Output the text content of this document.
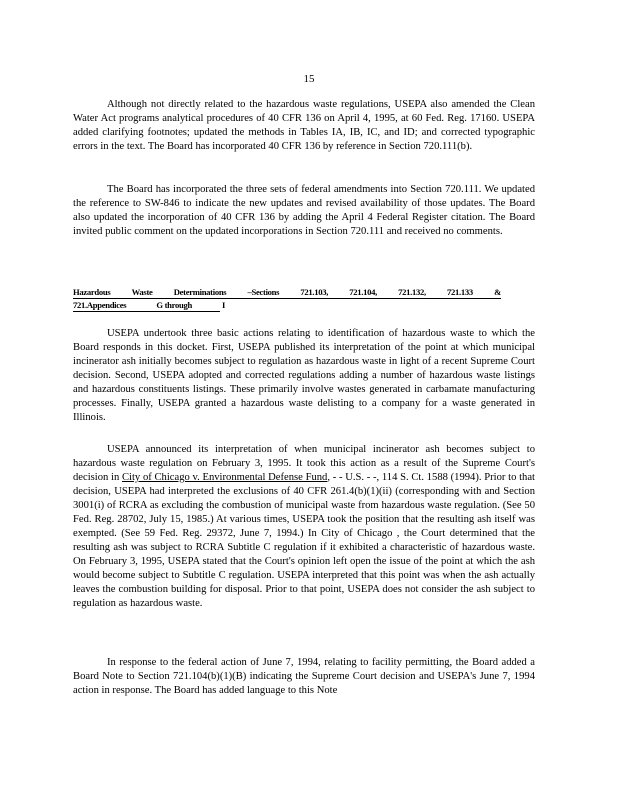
15

Although not directly related to the hazardous waste regulations, USEPA also amended the Clean Water Act programs analytical procedures of 40 CFR 136 on April 4, 1995, at 60 Fed. Reg. 17160. USEPA added clarifying footnotes; updated the methods in Tables IA, IB, IC, and ID; and corrected typographic errors in the text. The Board has incorporated 40 CFR 136 by reference in Section 720.111(b).

The Board has incorporated the three sets of federal amendments into Section 720.111. We updated the reference to SW-846 to indicate the new updates and revised availability of those updates. The Board also updated the incorporation of 40 CFR 136 by adding the April 4 Federal Register citation. The Board invited public comment on the updated incorporations in Section 720.111 and received no comments.

Hazardous Waste Determinations –Sections 721.103, 721.104, 721.132, 721.133 &
721.Appendices	G through	I

USEPA undertook three basic actions relating to identification of hazardous waste to which the Board responds in this docket. First, USEPA published its interpretation of the point at which municipal incinerator ash initially becomes subject to regulation as hazardous waste in light of a recent Supreme Court decision. Second, USEPA adopted and corrected regulations adding a number of hazardous waste listings and hazardous constituents listings. These primarily involve wastes generated in carbamate manufacturing processes. Finally, USEPA granted a hazardous waste delisting to a company for a waste generated in Illinois.

USEPA announced its interpretation of when municipal incinerator ash becomes subject to hazardous waste regulation on February 3, 1995. It took this action as a result of the Supreme Court's decision in City of Chicago v. Environmental Defense Fund, - - U.S. - -, 114 S. Ct. 1588 (1994). Prior to that decision, USEPA had interpreted the exclusions of 40 CFR 261.4(b)(1)(ii) (corresponding with and Section 3001(i) of RCRA as excluding the combustion of municipal waste from hazardous waste regulation. (See 50 Fed. Reg. 28702, July 15, 1985.) At various times, USEPA took the position that the resulting ash itself was exempted. (See 59 Fed. Reg. 29372, June 7, 1994.) In City of Chicago , the Court determined that the resulting ash was subject to RCRA Subtitle C regulation if it exhibited a characteristic of hazardous waste. On February 3, 1995, USEPA stated that the Court's opinion left open the issue of the point at which the ash would become subject to Subtitle C regulation. USEPA interpreted that this point was when the ash actually leaves the combustion building for disposal. Prior to that point, USEPA does not consider the ash subject to regulation as hazardous waste.

In response to the federal action of June 7, 1994, relating to facility permitting, the Board added a Board Note to Section 721.104(b)(1)(B) indicating the Supreme Court decision and USEPA's June 7, 1994 action in response. The Board has added language to this Note
